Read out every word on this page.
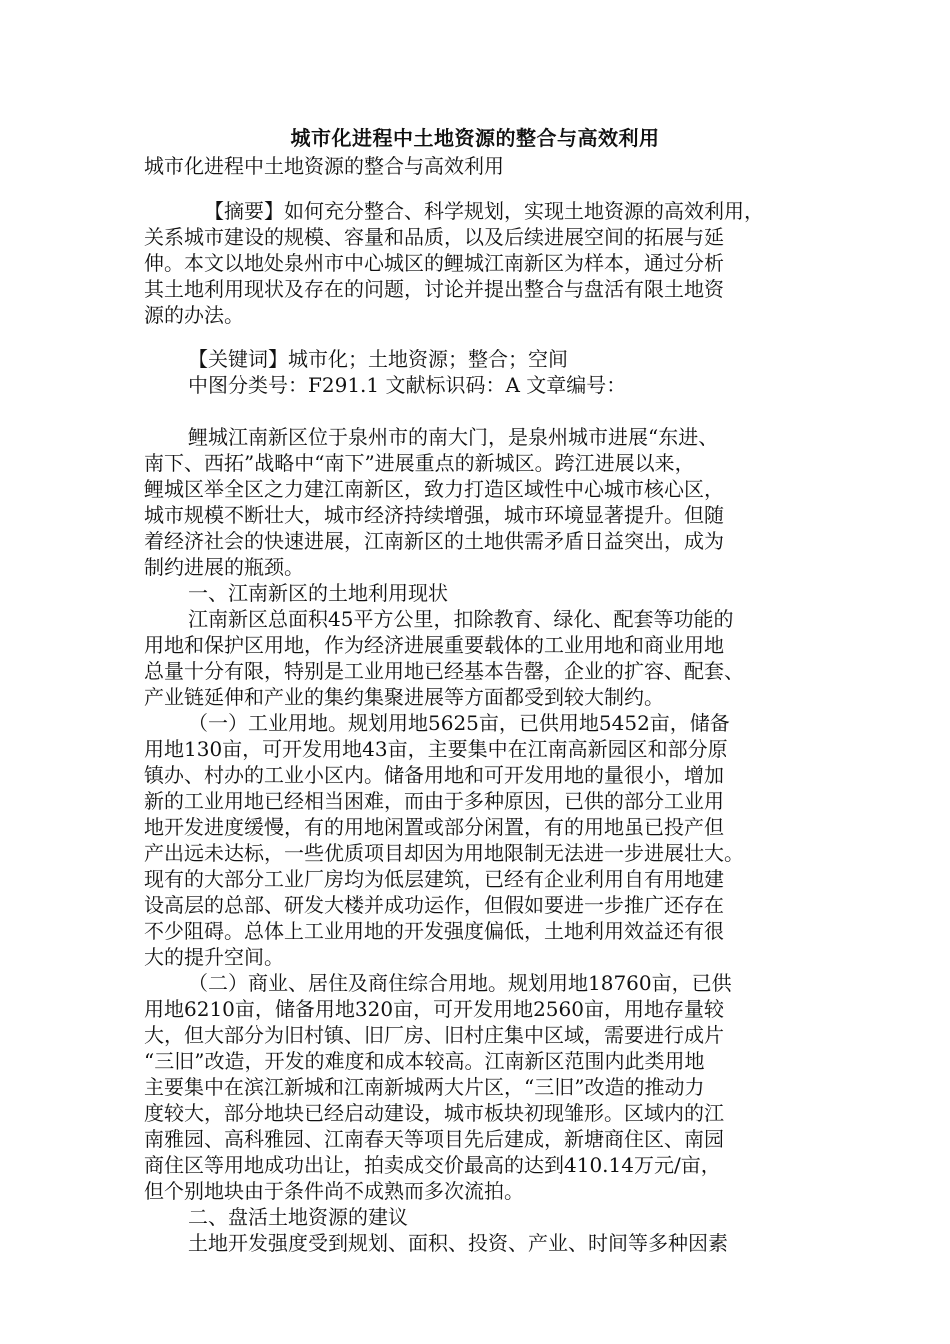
城市化进程中土地资源的整合与高效利用
城市化进程中土地资源的整合与高效利用

【摘要】如何充分整合、科学规划，实现土地资源的高效利用，

关系城市建设的规模、容量和品质，以及后续进展空间的拓展与延

伸。本文以地处泉州市中心城区的鲤城江南新区为样本，通过分析

其土地利用现状及存在的问题，讨论并提出整合与盘活有限土地资

源的办法。

【关键词】城市化；土地资源；整合；空间

中图分类号：F291.1 文献标识码：A 文章编号：

鲤城江南新区位于泉州市的南大门，是泉州城市进展“东进、

南下、西拓”战略中“南下”进展重点的新城区。跨江进展以来，

鲤城区举全区之力建江南新区，致力打造区域性中心城市核心区，

城市规模不断壮大，城市经济持续增强，城市环境显著提升。但随

着经济社会的快速进展，江南新区的土地供需矛盾日益突出，成为

制约进展的瓶颈。

一、江南新区的土地利用现状

江南新区总面积45平方公里，扣除教育、绿化、配套等功能的

用地和保护区用地，作为经济进展重要载体的工业用地和商业用地

总量十分有限，特别是工业用地已经基本告罄，企业的扩容、配套、

产业链延伸和产业的集约集聚进展等方面都受到较大制约。

（一）工业用地。规划用地5625亩，已供用地5452亩，储备

用地130亩，可开发用地43亩，主要集中在江南高新园区和部分原

镇办、村办的工业小区内。储备用地和可开发用地的量很小，增加

新的工业用地已经相当困难，而由于多种原因，已供的部分工业用

地开发进度缓慢，有的用地闲置或部分闲置，有的用地虽已投产但

产出远未达标，一些优质项目却因为用地限制无法进一步进展壮大。

现有的大部分工业厂房均为低层建筑，已经有企业利用自有用地建

设高层的总部、研发大楼并成功运作，但假如要进一步推广还存在

不少阻碍。总体上工业用地的开发强度偏低，土地利用效益还有很

大的提升空间。

（二）商业、居住及商住综合用地。规划用地18760亩，已供

用地6210亩，储备用地320亩，可开发用地2560亩，用地存量较

大，但大部分为旧村镇、旧厂房、旧村庄集中区域，需要进行成片

“三旧”改造，开发的难度和成本较高。江南新区范围内此类用地

主要集中在滨江新城和江南新城两大片区，“三旧”改造的推动力

度较大，部分地块已经启动建设，城市板块初现雏形。区域内的江

南雅园、高科雅园、江南春天等项目先后建成，新塘商住区、南园

商住区等用地成功出让，拍卖成交价最高的达到410.14万元/亩，

但个别地块由于条件尚不成熟而多次流拍。

二、盘活土地资源的建议

土地开发强度受到规划、面积、投资、产业、时间等多种因素
